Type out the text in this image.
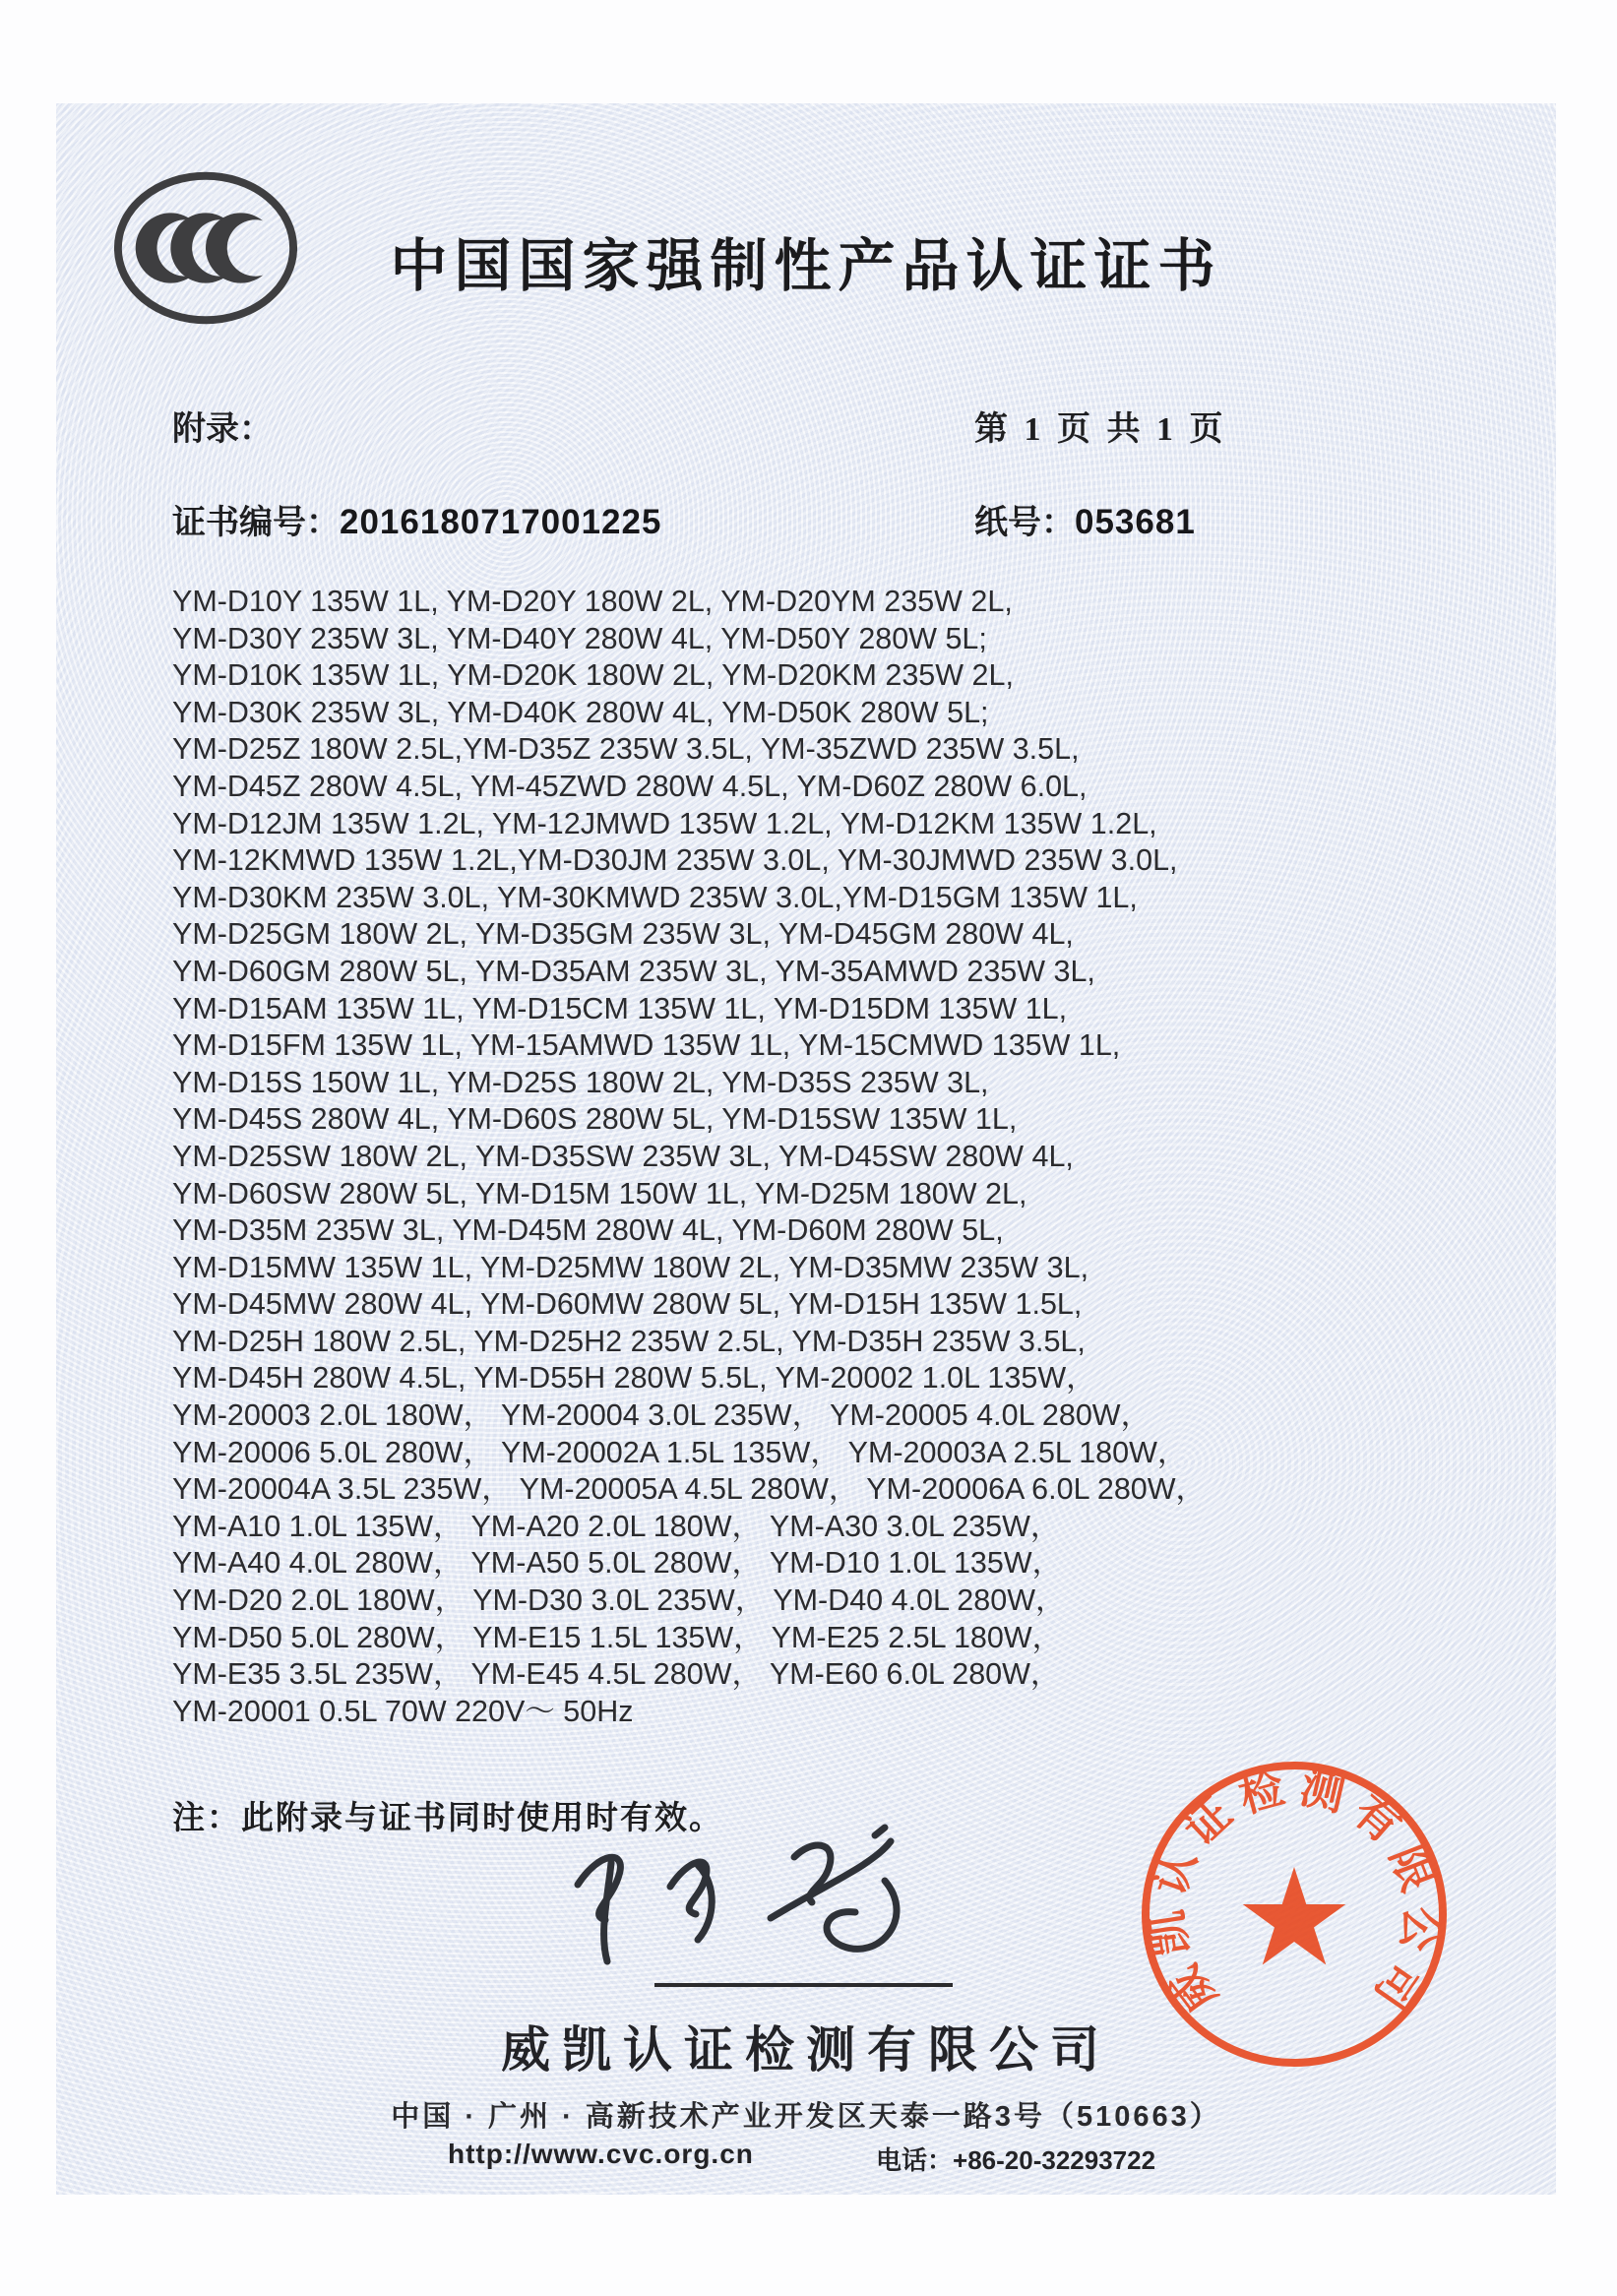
中国国家强制性产品认证证书
附录：	第 1 页 共 1 页
证书编号：2016180717001225	纸号：053681
YM-D10Y 135W 1L, YM-D20Y 180W 2L, YM-D20YM 235W 2L,
YM-D30Y 235W 3L, YM-D40Y 280W 4L, YM-D50Y 280W 5L;
YM-D10K 135W 1L, YM-D20K 180W 2L, YM-D20KM 235W 2L,
YM-D30K 235W 3L, YM-D40K 280W 4L, YM-D50K 280W 5L;
YM-D25Z 180W 2.5L,YM-D35Z 235W 3.5L, YM-35ZWD 235W 3.5L,
YM-D45Z 280W 4.5L, YM-45ZWD 280W 4.5L, YM-D60Z 280W 6.0L,
YM-D12JM 135W 1.2L, YM-12JMWD 135W 1.2L, YM-D12KM 135W 1.2L,
YM-12KMWD 135W 1.2L,YM-D30JM 235W 3.0L, YM-30JMWD 235W 3.0L,
YM-D30KM 235W 3.0L, YM-30KMWD 235W 3.0L,YM-D15GM 135W 1L,
YM-D25GM 180W 2L, YM-D35GM 235W 3L, YM-D45GM 280W 4L,
YM-D60GM 280W 5L, YM-D35AM 235W 3L, YM-35AMWD 235W 3L,
YM-D15AM 135W 1L, YM-D15CM 135W 1L, YM-D15DM 135W 1L,
YM-D15FM 135W 1L, YM-15AMWD 135W 1L, YM-15CMWD 135W 1L,
YM-D15S 150W 1L, YM-D25S 180W 2L, YM-D35S 235W 3L,
YM-D45S 280W 4L, YM-D60S 280W 5L, YM-D15SW 135W 1L,
YM-D25SW 180W 2L, YM-D35SW 235W 3L, YM-D45SW 280W 4L,
YM-D60SW 280W 5L, YM-D15M 150W 1L, YM-D25M 180W 2L,
YM-D35M 235W 3L, YM-D45M 280W 4L, YM-D60M 280W 5L,
YM-D15MW 135W 1L, YM-D25MW 180W 2L, YM-D35MW 235W 3L,
YM-D45MW 280W 4L, YM-D60MW 280W 5L, YM-D15H 135W 1.5L,
YM-D25H 180W 2.5L, YM-D25H2 235W 2.5L, YM-D35H 235W 3.5L,
YM-D45H 280W 4.5L, YM-D55H 280W 5.5L, YM-20002 1.0L 135W，
YM-20003 2.0L 180W， YM-20004 3.0L 235W， YM-20005 4.0L 280W，
YM-20006 5.0L 280W， YM-20002A 1.5L 135W， YM-20003A 2.5L 180W，
YM-20004A 3.5L 235W， YM-20005A 4.5L 280W， YM-20006A 6.0L 280W，
YM-A10 1.0L 135W， YM-A20 2.0L 180W， YM-A30 3.0L 235W，
YM-A40 4.0L 280W， YM-A50 5.0L 280W， YM-D10 1.0L 135W，
YM-D20 2.0L 180W， YM-D30 3.0L 235W， YM-D40 4.0L 280W，
YM-D50 5.0L 280W， YM-E15 1.5L 135W， YM-E25 2.5L 180W，
YM-E35 3.5L 235W， YM-E45 4.5L 280W， YM-E60 6.0L 280W，
YM-20001 0.5L 70W 220V～ 50Hz
注：此附录与证书同时使用时有效。
威凯认证检测有限公司
中国 · 广州 · 高新技术产业开发区天泰一路3号（510663）
http://www.cvc.org.cn	电话：+86-20-32293722
威凯认证检测有限公司
